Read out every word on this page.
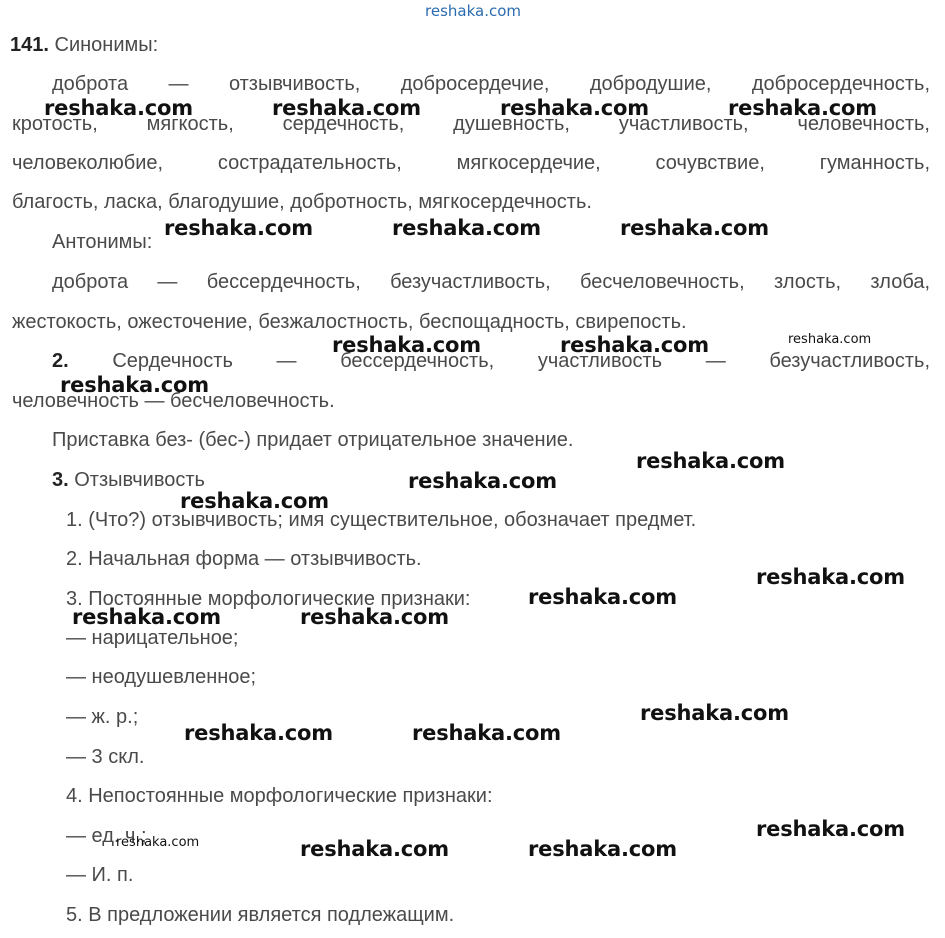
reshaka.com
141. Синонимы:
доброта — отзывчивость, добросердечие, добродушие, добросердечность,
кротость, мягкость, сердечность, душевность, участливость, человечность,
человеколюбие, сострадательность, мягкосердечие, сочувствие, гуманность,
благость, ласка, благодушие, добротность, мягкосердечность.
Антонимы:
доброта — бессердечность, безучастливость, бесчеловечность, злость, злоба,
жестокость, ожесточение, безжалостность, беспощадность, свирепость.
2. Сердечность — бессердечность, участливость — безучастливость,
человечность — бесчеловечность.
Приставка без- (бес-) придает отрицательное значение.
3. Отзывчивость
1. (Что?) отзывчивость; имя существительное, обозначает предмет.
2. Начальная форма — отзывчивость.
3. Постоянные морфологические признаки:
— нарицательное;
— неодушевленное;
— ж. р.;
— 3 скл.
4. Непостоянные морфологические признаки:
— ед. ч.;
— И. п.
5. В предложении является подлежащим.
reshaka.com	reshaka.com	reshaka.com	reshaka.com
reshaka.com	reshaka.com	reshaka.com
reshaka.com
reshaka.com	reshaka.com
reshaka.com
reshaka.com
reshaka.com
reshaka.com
reshaka.com
reshaka.com
reshaka.com	reshaka.com
reshaka.com
reshaka.com	reshaka.com
reshaka.com
reshaka.com	reshaka.com	reshaka.com
